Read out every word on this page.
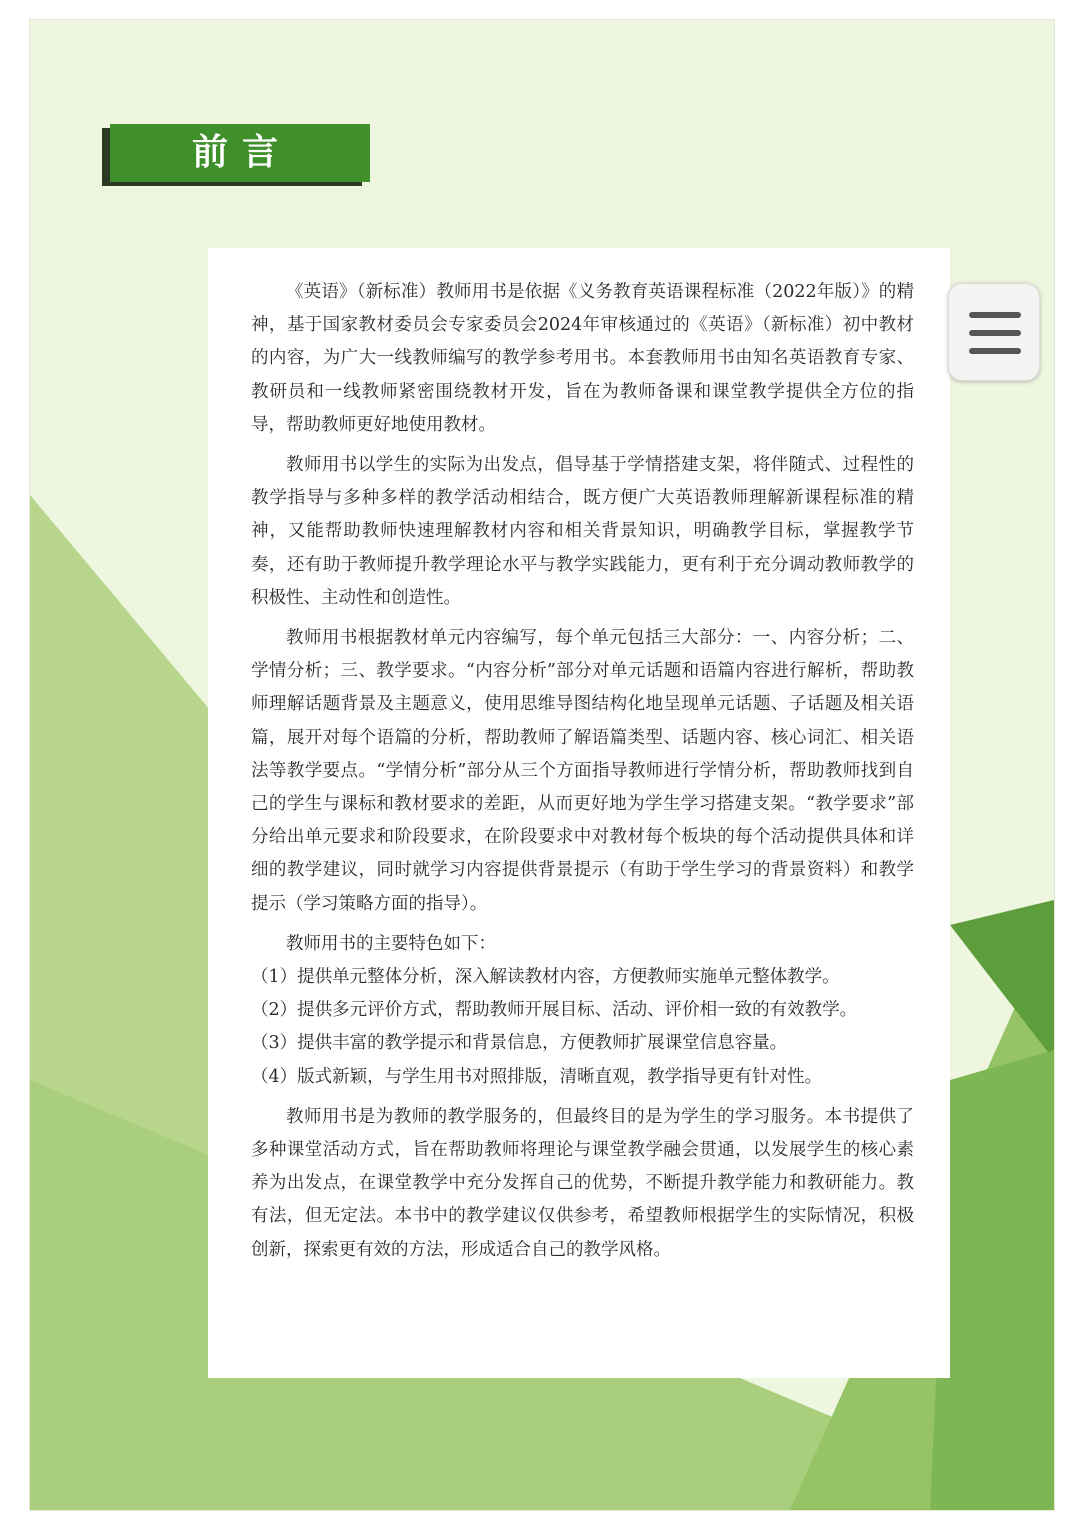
前言

《英语》（新标准）教师用书是依据《义务教育英语课程标准（2022年版）》的精神，基于国家教材委员会专家委员会2024年审核通过的《英语》（新标准）初中教材的内容，为广大一线教师编写的教学参考用书。本套教师用书由知名英语教育专家、教研员和一线教师紧密围绕教材开发，旨在为教师备课和课堂教学提供全方位的指导，帮助教师更好地使用教材。

教师用书以学生的实际为出发点，倡导基于学情搭建支架，将伴随式、过程性的教学指导与多种多样的教学活动相结合，既方便广大英语教师理解新课程标准的精神，又能帮助教师快速理解教材内容和相关背景知识，明确教学目标，掌握教学节奏，还有助于教师提升教学理论水平与教学实践能力，更有利于充分调动教师教学的积极性、主动性和创造性。

教师用书根据教材单元内容编写，每个单元包括三大部分：一、内容分析；二、学情分析；三、教学要求。“内容分析”部分对单元话题和语篇内容进行解析，帮助教师理解话题背景及主题意义，使用思维导图结构化地呈现单元话题、子话题及相关语篇，展开对每个语篇的分析，帮助教师了解语篇类型、话题内容、核心词汇、相关语法等教学要点。“学情分析”部分从三个方面指导教师进行学情分析，帮助教师找到自己的学生与课标和教材要求的差距，从而更好地为学生学习搭建支架。“教学要求”部分给出单元要求和阶段要求，在阶段要求中对教材每个板块的每个活动提供具体和详细的教学建议，同时就学习内容提供背景提示（有助于学生学习的背景资料）和教学提示（学习策略方面的指导）。

教师用书的主要特色如下：

（1）提供单元整体分析，深入解读教材内容，方便教师实施单元整体教学。

（2）提供多元评价方式，帮助教师开展目标、活动、评价相一致的有效教学。

（3）提供丰富的教学提示和背景信息，方便教师扩展课堂信息容量。

（4）版式新颖，与学生用书对照排版，清晰直观，教学指导更有针对性。

教师用书是为教师的教学服务的，但最终目的是为学生的学习服务。本书提供了多种课堂活动方式，旨在帮助教师将理论与课堂教学融会贯通，以发展学生的核心素养为出发点，在课堂教学中充分发挥自己的优势，不断提升教学能力和教研能力。教有法，但无定法。本书中的教学建议仅供参考，希望教师根据学生的实际情况，积极创新，探索更有效的方法，形成适合自己的教学风格。
